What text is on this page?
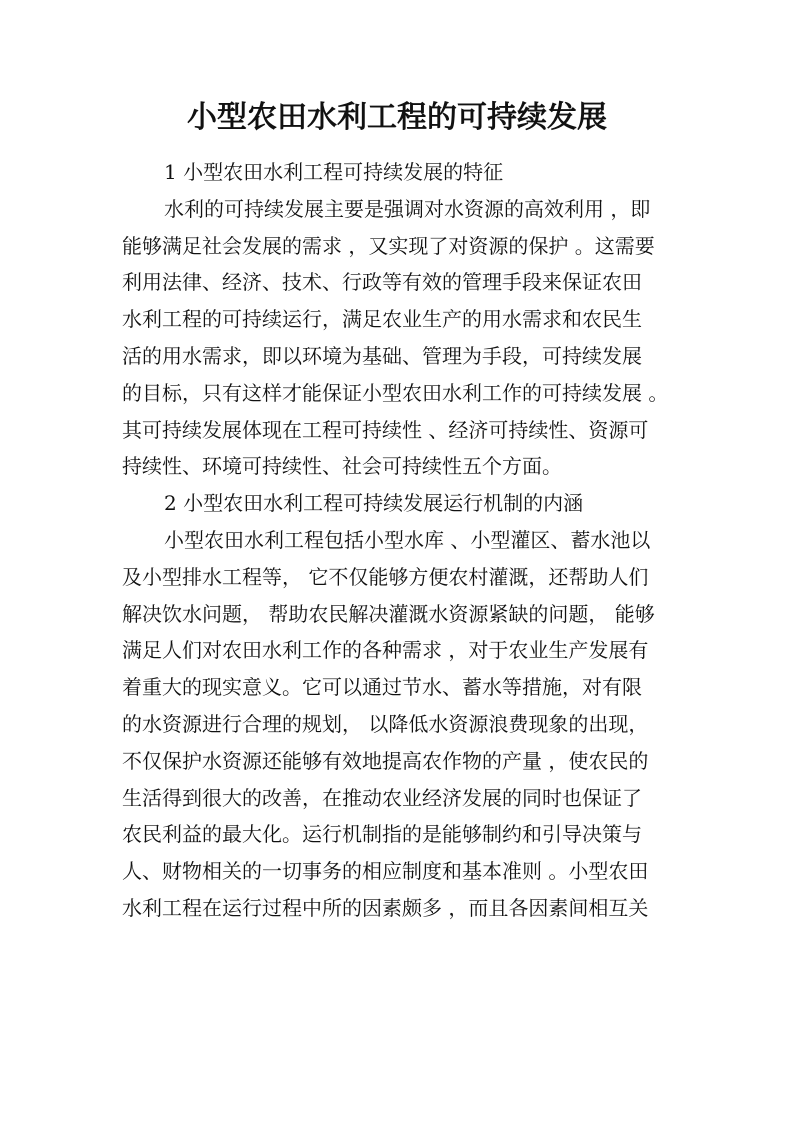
小型农田水利工程的可持续发展
1 小型农田水利工程可持续发展的特征
水利的可持续发展主要是强调对水资源的高效利用 ，即
能够满足社会发展的需求 ，又实现了对资源的保护 。这需要
利用法律、经济、技术、行政等有效的管理手段来保证农田
水利工程的可持续运行，满足农业生产的用水需求和农民生
活的用水需求，即以环境为基础、管理为手段，可持续发展
的目标，只有这样才能保证小型农田水利工作的可持续发展 。
其可持续发展体现在工程可持续性 、经济可持续性、资源可
持续性、环境可持续性、社会可持续性五个方面。
2 小型农田水利工程可持续发展运行机制的内涵
小型农田水利工程包括小型水库 、小型灌区、蓄水池以
及小型排水工程等， 它不仅能够方便农村灌溉，还帮助人们
解决饮水问题， 帮助农民解决灌溉水资源紧缺的问题， 能够
满足人们对农田水利工作的各种需求 ，对于农业生产发展有
着重大的现实意义。它可以通过节水、蓄水等措施，对有限
的水资源进行合理的规划， 以降低水资源浪费现象的出现，
不仅保护水资源还能够有效地提高农作物的产量 ，使农民的
生活得到很大的改善，在推动农业经济发展的同时也保证了
农民利益的最大化。运行机制指的是能够制约和引导决策与
人、财物相关的一切事务的相应制度和基本准则 。小型农田
水利工程在运行过程中所的因素颇多 ，而且各因素间相互关
